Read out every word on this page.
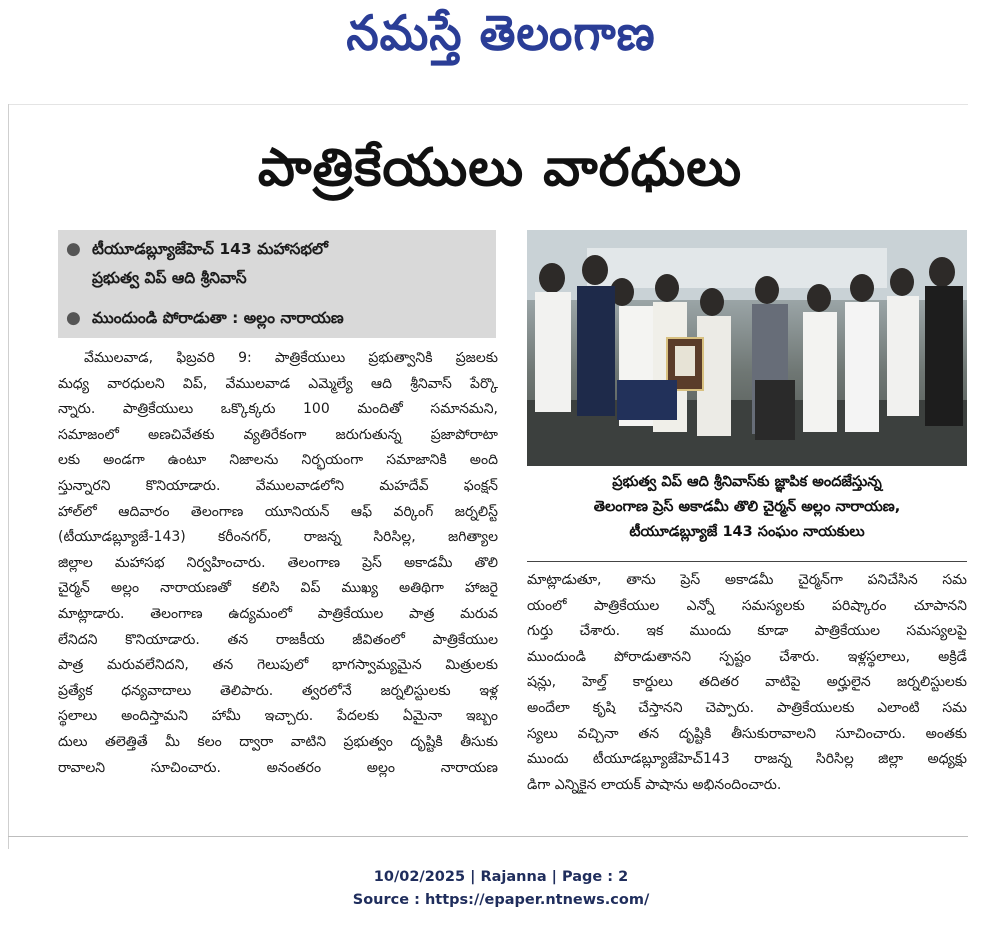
నమస్తే తెలంగాణ
పాత్రికేయులు వారధులు
● టీయూడబ్ల్యూజేహెచ్ 143 మహాసభలో
ప్రభుత్వ విప్ ఆది శ్రీనివాస్
● ముందుండి పోరాడుతా : అల్లం నారాయణ
ప్రభుత్వ విప్ ఆది శ్రీనివాస్‌కు జ్ఞాపిక అందజేస్తున్న
తెలంగాణ ప్రెస్ అకాడమీ తొలి చైర్మన్ అల్లం నారాయణ,
టీయూడబ్ల్యూజే 143 సంఘం నాయకులు

వేములవాడ, ఫిబ్రవరి 9: పాత్రికేయులు ప్రభుత్వానికి ప్రజలకు

మధ్య వారధులని విప్, వేములవాడ ఎమ్మెల్యే ఆది శ్రీనివాస్ పేర్కొ

న్నారు. పాత్రికేయులు ఒక్కొక్కరు 100 మందితో సమానమని,

సమాజంలో అణచివేతకు వ్యతిరేకంగా జరుగుతున్న ప్రజాపోరాటా

లకు అండగా ఉంటూ నిజాలను నిర్భయంగా సమాజానికి అంది

స్తున్నారని కొనియాడారు. వేములవాడలోని మహదేవ్ ఫంక్షన్

హాల్‌లో ఆదివారం తెలంగాణ యూనియన్ ఆఫ్ వర్కింగ్ జర్నలిస్ట్

(టీయూడబ్ల్యూజే-143) కరీంనగర్, రాజన్న సిరిసిల్ల, జగిత్యాల

జిల్లాల మహాసభ నిర్వహించారు. తెలంగాణ ప్రెస్ అకాడమీ తొలి

చైర్మన్ అల్లం నారాయణతో కలిసి విప్ ముఖ్య అతిథిగా హాజరై

మాట్లాడారు. తెలంగాణ ఉద్యమంలో పాత్రికేయుల పాత్ర మరువ

లేనిదని కొనియాడారు. తన రాజకీయ జీవితంలో పాత్రికేయుల

పాత్ర మరువలేనిదని, తన గెలుపులో భాగస్వామ్యమైన మిత్రులకు

ప్రత్యేక ధన్యవాదాలు తెలిపారు. త్వరలోనే జర్నలిస్టులకు ఇళ్ల

స్థలాలు అందిస్తామని హామీ ఇచ్చారు. పేదలకు ఏమైనా ఇబ్బం

దులు తలెత్తితే మీ కలం ద్వారా వాటిని ప్రభుత్వం దృష్టికి తీసుకు

రావాలని సూచించారు. అనంతరం అల్లం నారాయణ

మాట్లాడుతూ, తాను ప్రెస్ అకాడమీ చైర్మన్‌గా పనిచేసిన సమ

యంలో పాత్రికేయుల ఎన్నో సమస్యలకు పరిష్కారం చూపానని

గుర్తు చేశారు. ఇక ముందు కూడా పాత్రికేయుల సమస్యలపై

ముందుండి పోరాడుతానని స్పష్టం చేశారు. ఇళ్లస్థలాలు, అక్రిడే

షన్లు, హెల్త్ కార్డులు తదితర వాటిపై అర్హులైన జర్నలిస్టులకు

అందేలా కృషి చేస్తానని చెప్పారు. పాత్రికేయులకు ఎలాంటి సమ

స్యలు వచ్చినా తన దృష్టికి తీసుకురావాలని సూచించారు. అంతకు

ముందు టీయూడబ్ల్యూజేహెచ్143 రాజన్న సిరిసిల్ల జిల్లా అధ్యక్షు

డిగా ఎన్నికైన లాయక్ పాషాను అభినందించారు.

10/02/2025 | Rajanna | Page : 2
Source : https://epaper.ntnews.com/
